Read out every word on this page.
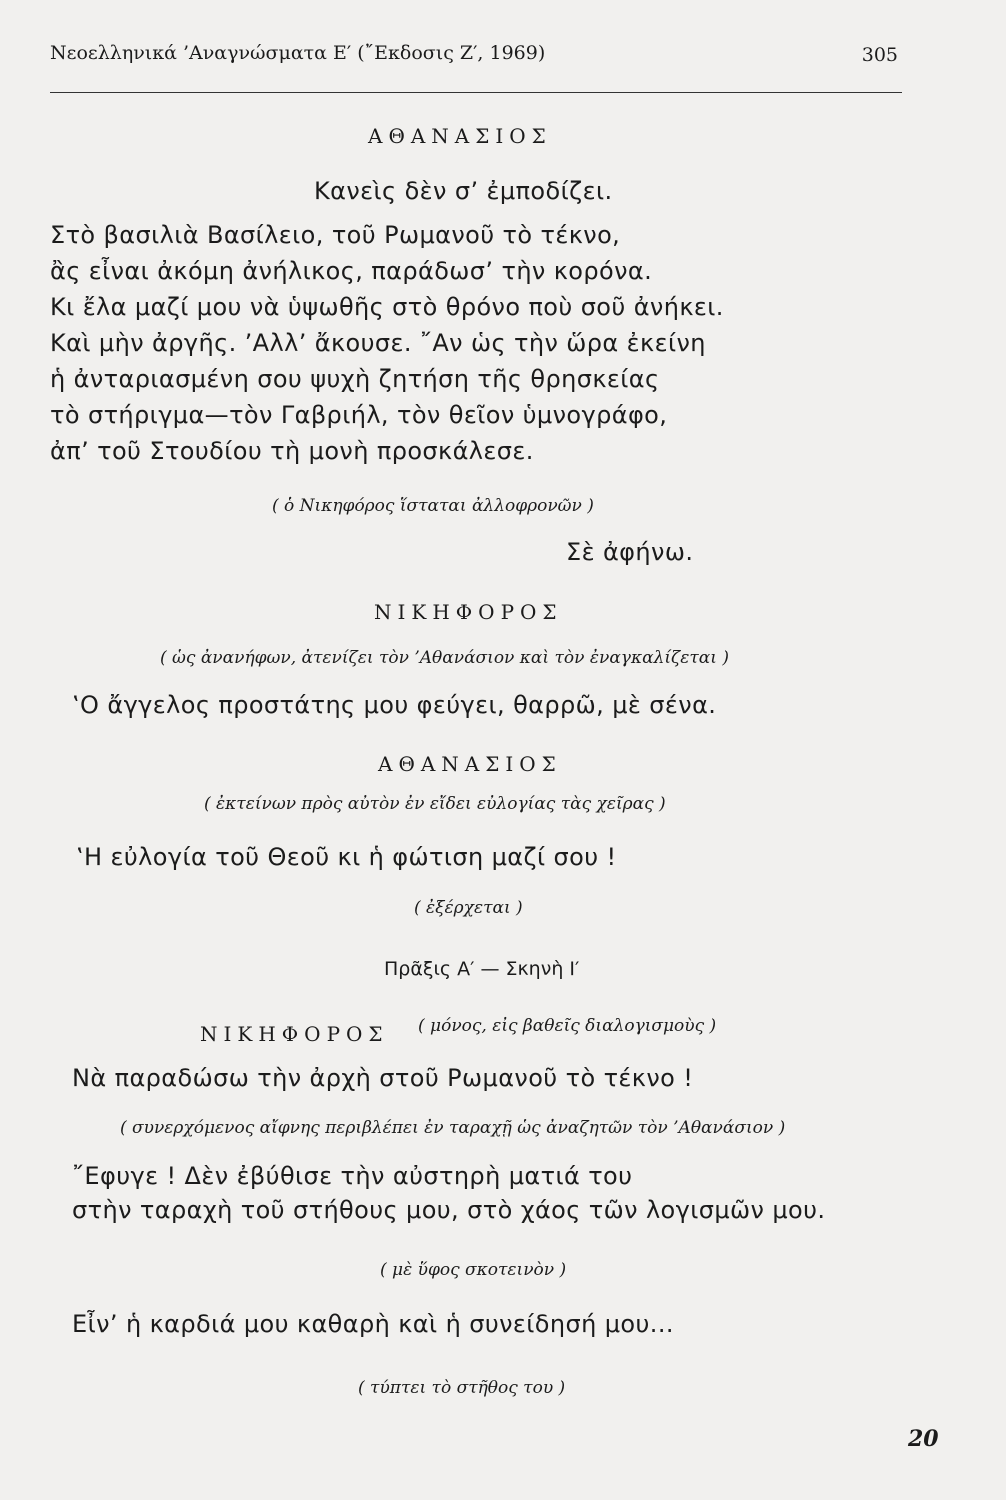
Νεοελληνικά ’Αναγνώσματα Ε′ (῎Εκδοσις Ζ′, 1969)	305
ΑΘΑΝΑΣΙΟΣ
Κανεὶς δὲν σ’ ἐμποδίζει.
Στὸ βασιλιὰ Βασίλειο, τοῦ Ρωμανοῦ τὸ τέκνο,
ἂς εἶναι ἀκόμη ἀνήλικος, παράδωσ’ τὴν κορόνα.
Κι ἔλα μαζί μου νὰ ὑψωθῆς στὸ θρόνο ποὺ σοῦ ἀνήκει.
Καὶ μὴν ἀργῆς. ’Αλλ’ ἄκουσε. ῎Αν ὡς τὴν ὥρα ἐκείνη
ἡ ἀνταριασμένη σου ψυχὴ ζητήση τῆς θρησκείας
τὸ στήριγμα—τὸν Γαβριήλ, τὸν θεῖον ὑμνογράφο,
ἀπ’ τοῦ Στουδίου τὴ μονὴ προσκάλεσε.
( ὁ Νικηφόρος ἵσταται ἀλλοφρονῶν )
Σὲ ἀφήνω.
ΝΙΚΗΦΟΡΟΣ
( ὡς ἀνανήφων, ἀτενίζει τὸν ’Αθανάσιον καὶ τὸν ἐναγκαλίζεται )
‛Ο ἄγγελος προστάτης μου φεύγει, θαρρῶ, μὲ σένα.
ΑΘΑΝΑΣΙΟΣ
( ἐκτείνων πρὸς αὐτὸν ἐν εἴδει εὐλογίας τὰς χεῖρας )
‛Η εὐλογία τοῦ Θεοῦ κι ἡ φώτιση μαζί σου !
( ἐξέρχεται )
Πρᾶξις Α′ — Σκηνὴ Ι′
ΝΙΚΗΦΟΡΟΣ ( μόνος, εἰς βαθεῖς διαλογισμοὺς )
Νὰ παραδώσω τὴν ἀρχὴ στοῦ Ρωμανοῦ τὸ τέκνο !
( συνερχόμενος αἴφνης περιβλέπει ἐν ταραχῇ ὡς ἀναζητῶν τὸν ’Αθανάσιον )
῎Εφυγε ! Δὲν ἐβύθισε τὴν αὐστηρὴ ματιά του
στὴν ταραχὴ τοῦ στήθους μου, στὸ χάος τῶν λογισμῶν μου.
( μὲ ὕφος σκοτεινὸν )
Εἶν’ ἡ καρδιά μου καθαρὴ καὶ ἡ συνείδησή μου...
( τύπτει τὸ στῆθος του )
20
